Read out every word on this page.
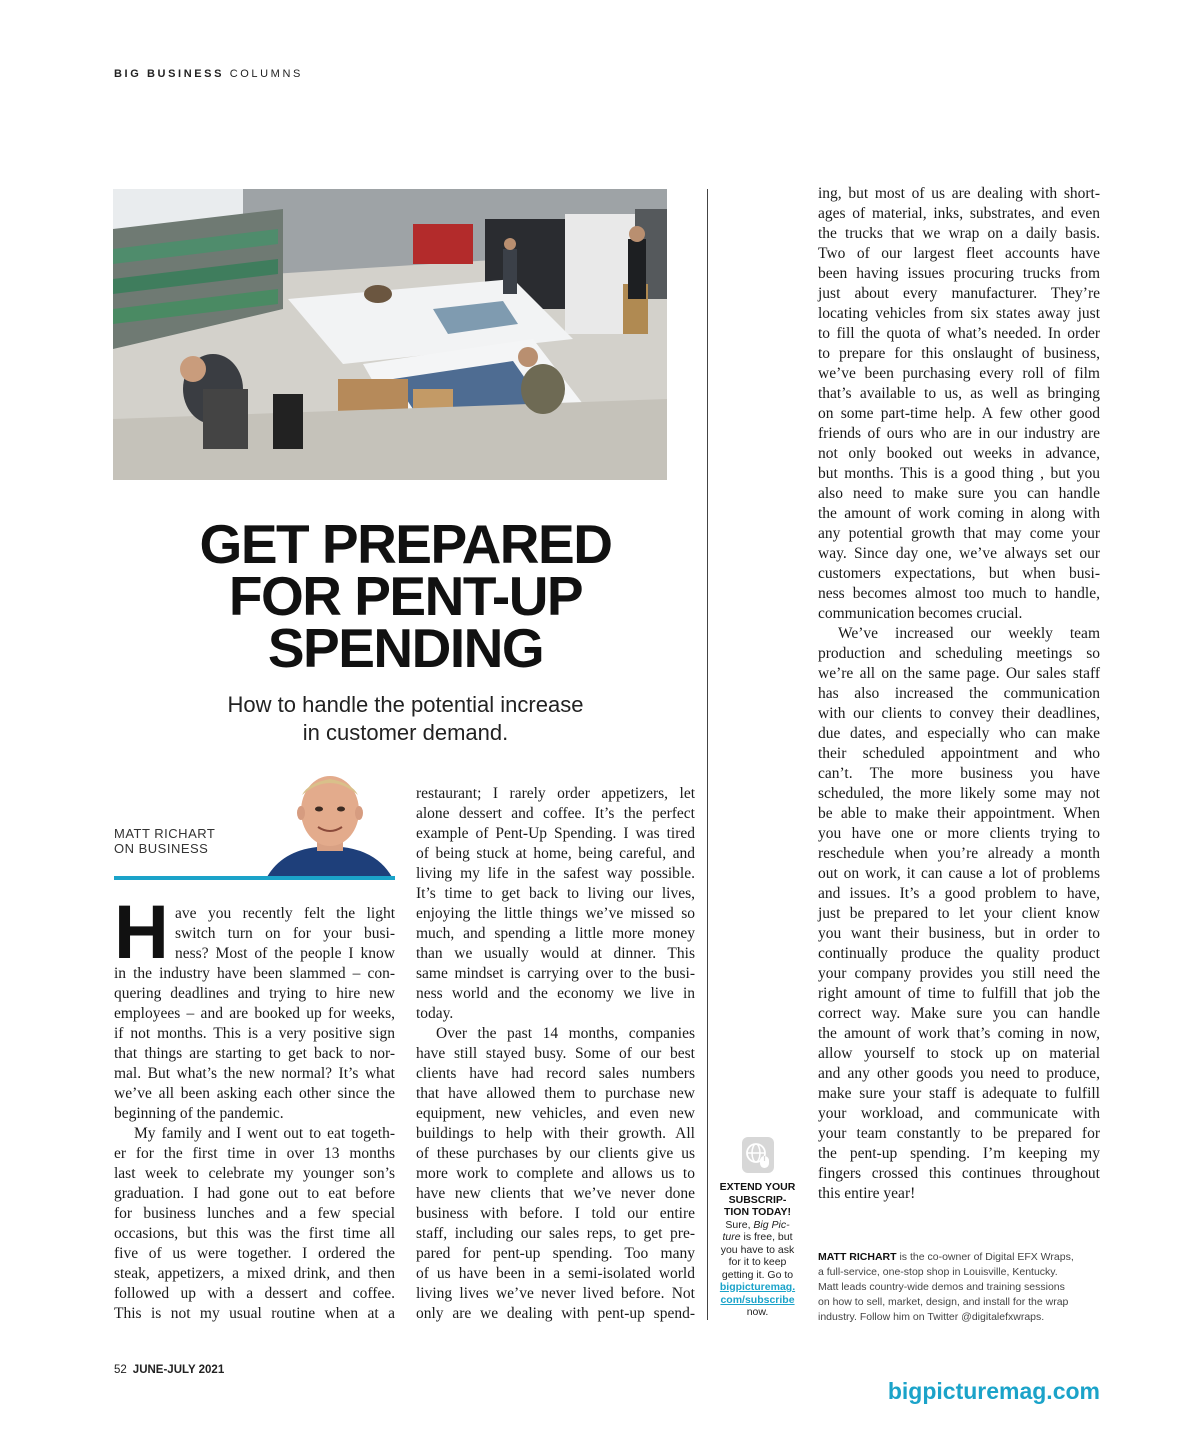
BIG BUSINESS COLUMNS
GET PREPARED
FOR PENT-UP
SPENDING
How to handle the potential increase
in customer demand.
MATT RICHART
ON BUSINESS
H ave you recently felt the light
switch turn on for your busi-
ness? Most of the people I know
in the industry have been slammed – con-
quering deadlines and trying to hire new
employees – and are booked up for weeks,
if not months. This is a very positive sign
that things are starting to get back to nor-
mal. But what’s the new normal? It’s what
we’ve all been asking each other since the
beginning of the pandemic.
My family and I went out to eat togeth-
er for the first time in over 13 months
last week to celebrate my younger son’s
graduation. I had gone out to eat before
for business lunches and a few special
occasions, but this was the first time all
five of us were together. I ordered the
steak, appetizers, a mixed drink, and then
followed up with a dessert and coffee.
This is not my usual routine when at a
restaurant; I rarely order appetizers, let
alone dessert and coffee. It’s the perfect
example of Pent-Up Spending. I was tired
of being stuck at home, being careful, and
living my life in the safest way possible.
It’s time to get back to living our lives,
enjoying the little things we’ve missed so
much, and spending a little more money
than we usually would at dinner. This
same mindset is carrying over to the busi-
ness world and the economy we live in
today.
Over the past 14 months, companies
have still stayed busy. Some of our best
clients have had record sales numbers
that have allowed them to purchase new
equipment, new vehicles, and even new
buildings to help with their growth. All
of these purchases by our clients give us
more work to complete and allows us to
have new clients that we’ve never done
business with before. I told our entire
staff, including our sales reps, to get pre-
pared for pent-up spending. Too many
of us have been in a semi-isolated world
living lives we’ve never lived before. Not
only are we dealing with pent-up spend-
ing, but most of us are dealing with short-
ages of material, inks, substrates, and even
the trucks that we wrap on a daily basis.
Two of our largest fleet accounts have
been having issues procuring trucks from
just about every manufacturer. They’re
locating vehicles from six states away just
to fill the quota of what’s needed. In order
to prepare for this onslaught of business,
we’ve been purchasing every roll of film
that’s available to us, as well as bringing
on some part-time help. A few other good
friends of ours who are in our industry are
not only booked out weeks in advance,
but months. This is a good thing , but you
also need to make sure you can handle
the amount of work coming in along with
any potential growth that may come your
way. Since day one, we’ve always set our
customers expectations, but when busi-
ness becomes almost too much to handle,
communication becomes crucial.
We’ve increased our weekly team
production and scheduling meetings so
we’re all on the same page. Our sales staff
has also increased the communication
with our clients to convey their deadlines,
due dates, and especially who can make
their scheduled appointment and who
can’t. The more business you have
scheduled, the more likely some may not
be able to make their appointment. When
you have one or more clients trying to
reschedule when you’re already a month
out on work, it can cause a lot of problems
and issues. It’s a good problem to have,
just be prepared to let your client know
you want their business, but in order to
continually produce the quality product
your company provides you still need the
right amount of time to fulfill that job the
correct way. Make sure you can handle
the amount of work that’s coming in now,
allow yourself to stock up on material
and any other goods you need to produce,
make sure your staff is adequate to fulfill
your workload, and communicate with
your team constantly to be prepared for
the pent-up spending. I’m keeping my
fingers crossed this continues throughout
this entire year!
EXTEND YOUR
SUBSCRIP-
TION TODAY!
Sure, Big Pic-
ture is free, but
you have to ask
for it to keep
getting it. Go to
bigpicturemag.
com/subscribe
now.
MATT RICHART is the co-owner of Digital EFX Wraps,
a full-service, one-stop shop in Louisville, Kentucky.
Matt leads country-wide demos and training sessions
on how to sell, market, design, and install for the wrap
industry. Follow him on Twitter @digitalefxwraps.
52 JUNE-JULY 2021
bigpicturemag.com
